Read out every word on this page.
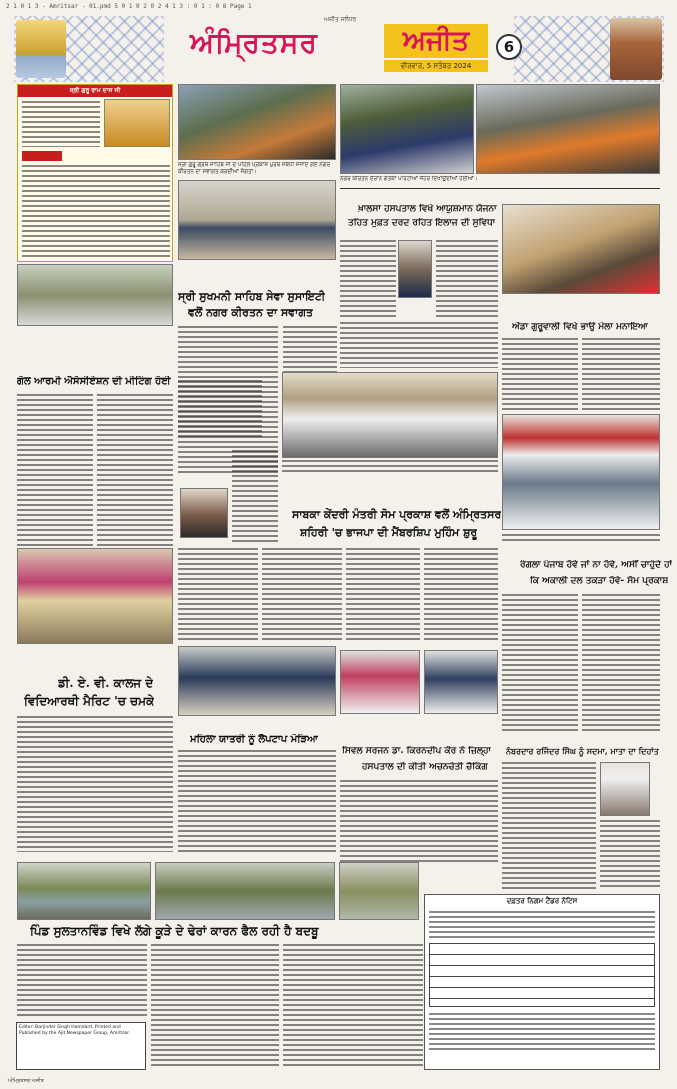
2 1 0 1 3 - Amritsar - 01.pmd 5 0 1 0 2 0 2 4 1 3 : 0 1 : 0 8 Page 1
ਅਜੀਤ ਜਲੰਧਰ
ਅੰਮ੍ਰਿਤਸਰ	ਅਜੀਤ
ਵੀਰਵਾਰ, 5 ਸਤੰਬਰ 2024
6
ਸ੍ਰੀ ਗੁਰੂ ਰਾਮ ਦਾਸ ਜੀ
ਸ੍ਰੀ ਗੁਰੂ ਗ੍ਰੰਥ ਸਾਹਿਬ ਜੀ ਦੇ ਪਹਿਲੇ ਪ੍ਰਕਾਸ਼ ਪੁਰਬ ਸਬੰਧੀ ਸਜਾਏ ਗਏ ਨਗਰ ਕੀਰਤਨ ਦਾ ਸਵਾਗਤ ਕਰਦੀਆਂ ਸੰਗਤਾਂ।
ਨਗਰ ਕੀਰਤਨ ਦੌਰਾਨ ਗਤਕਾ ਪਾਰਟੀਆਂ ਜੌਹਰ ਦਿਖਾਉਂਦੀਆਂ ਹੋਈਆਂ।
ਸ੍ਰੀ ਸੁਖਮਨੀ ਸਾਹਿਬ ਸੇਵਾ ਸੁਸਾਇਟੀ
ਵਲੋਂ ਨਗਰ ਕੀਰਤਨ ਦਾ ਸਵਾਗਤ
ਖ਼ਾਲਸਾ ਹਸਪਤਾਲ ਵਿਖੇ ਆਯੁਸ਼ਮਾਨ ਯੋਜਨਾ
ਤਹਿਤ ਮੁਫ਼ਤ ਦਰਦ ਰਹਿਤ ਇਲਾਜ ਦੀ ਸੁਵਿਧਾ
ਅੱਡਾ ਗੁਰੂਵਾਲੀ ਵਿਖੇ ਭਾਉ ਮੇਲਾ ਮਨਾਇਆ
ਗੋਲ ਆਰਮੀ ਐਸੋਸੀਏਸ਼ਨ ਦੀ ਮੀਟਿੰਗ ਹੋਈ
ਸਾਬਕਾ ਕੇਂਦਰੀ ਮੰਤਰੀ ਸੋਮ ਪ੍ਰਕਾਸ਼ ਵਲੋਂ ਅੰਮ੍ਰਿਤਸਰ
ਸ਼ਹਿਰੀ 'ਚ ਭਾਜਪਾ ਦੀ ਮੈਂਬਰਸ਼ਿਪ ਮੁਹਿੰਮ ਸ਼ੁਰੂ
ਰੰਗਲਾ ਪੰਜਾਬ ਹੋਵੇ ਜਾਂ ਨਾ ਹੋਵੇ, ਅਸੀਂ ਚਾਹੁੰਦੇ ਹਾਂ
ਕਿ ਅਕਾਲੀ ਦਲ ਤਕੜਾ ਹੋਵੇ- ਸੋਮ ਪ੍ਰਕਾਸ਼
ਡੀ. ਏ. ਵੀ. ਕਾਲਜ ਦੇ
ਵਿਦਿਆਰਥੀ ਮੈਰਿਟ 'ਚ ਚਮਕੇ
ਮਹਿਲਾ ਯਾਤਰੀ ਨੂੰ ਲੈਪਟਾਪ ਮੋੜਿਆ
ਸਿਵਲ ਸਰਜਨ ਡਾ. ਕਿਰਨਦੀਪ ਕੌਰ ਨੇ ਜ਼ਿਲ੍ਹਾ
ਹਸਪਤਾਲ ਦੀ ਕੀਤੀ ਅਚਨਚੇਤੀ ਚੈਕਿੰਗ
ਨੰਬਰਦਾਰ ਰਜਿੰਦਰ ਸਿੰਘ ਨੂੰ ਸਦਮਾ, ਮਾਤਾ ਦਾ ਦਿਹਾਂਤ
ਪਿੰਡ ਸੁਲਤਾਨਵਿੰਡ ਵਿਖੇ ਲੱਗੇ ਕੂੜੇ ਦੇ ਢੇਰਾਂ ਕਾਰਨ ਫੈਲ ਰਹੀ ਹੈ ਬਦਬੂ
ਦਫ਼ਤਰ ਨਿਗਮ ਟੈਂਡਰ ਨੋਟਿਸ
Editor: Barjinder Singh Hamdard. Printed and Published by the Ajit Newspaper Group, Amritsar.
ਅੰਮ੍ਰਿਤਸਰ ਅਜੀਤ
